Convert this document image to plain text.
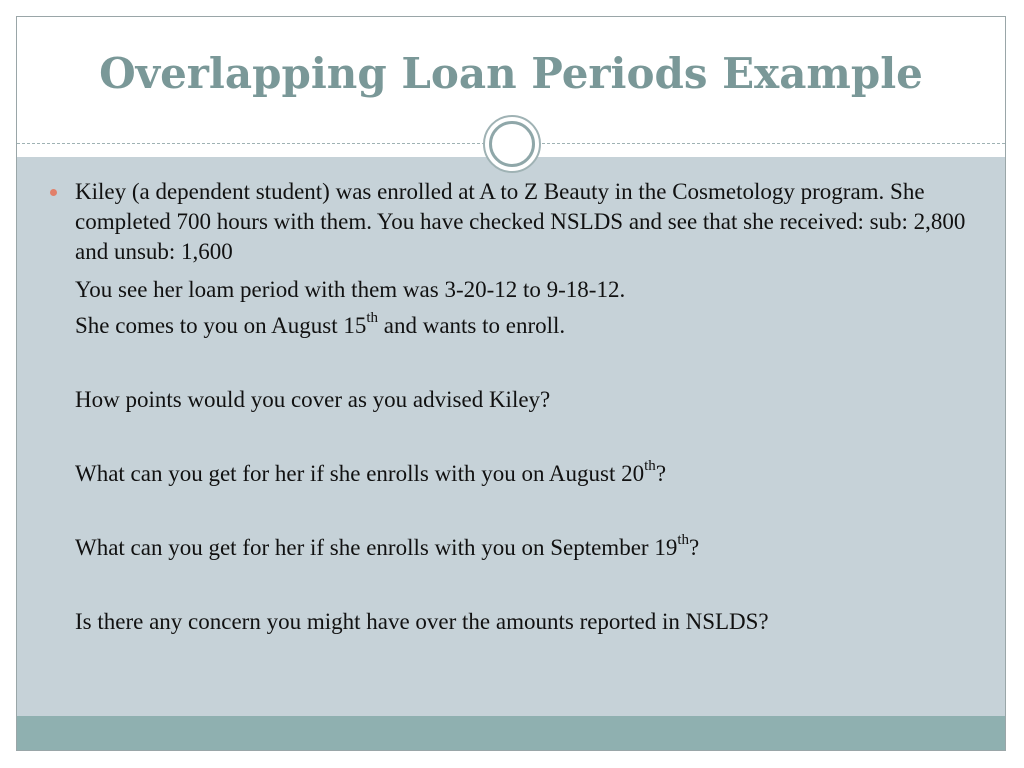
Overlapping Loan Periods Example

Kiley (a dependent student) was enrolled at A to Z Beauty in the Cosmetology program. She completed 700 hours with them. You have checked NSLDS and see that she received: sub: 2,800 and unsub: 1,600

You see her loam period with them was 3-20-12 to 9-18-12.

She comes to you on August 15th and wants to enroll.

How points would you cover as you advised Kiley?

What can you get for her if she enrolls with you on August 20th?

What can you get for her if she enrolls with you on September 19th?

Is there any concern you might have over the amounts reported in NSLDS?
